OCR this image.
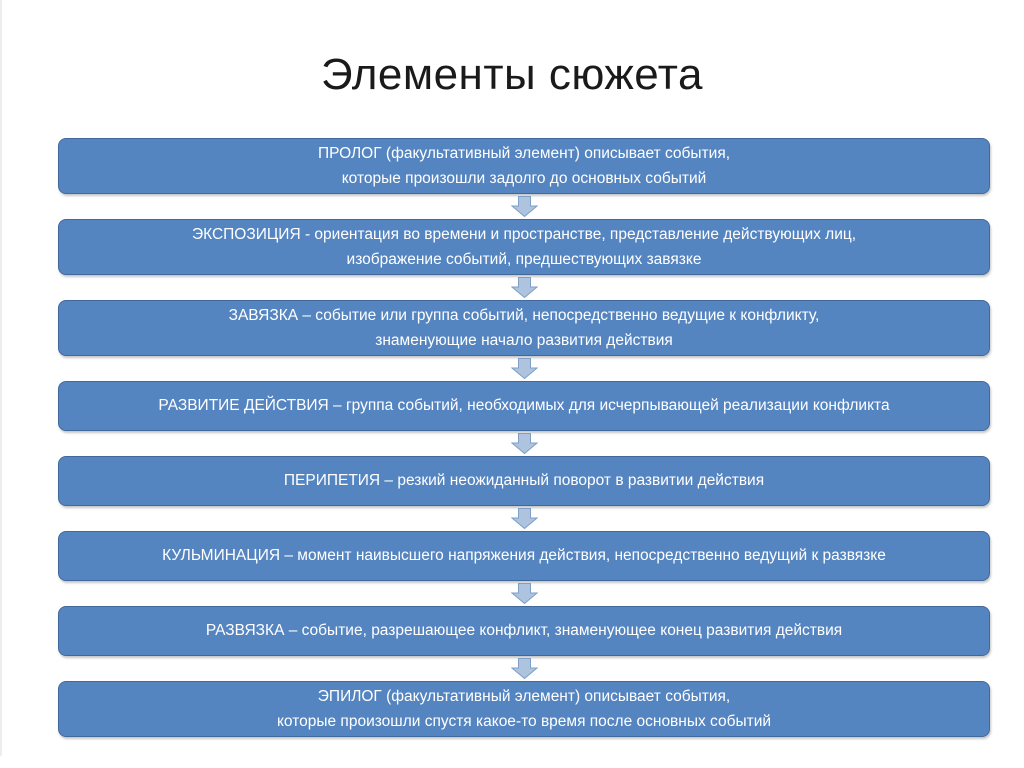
Элементы сюжета
ПРОЛОГ (факультативный элемент) описывает события,
которые произошли задолго до основных событий
ЭКСПОЗИЦИЯ - ориентация во времени и пространстве, представление действующих лиц,
изображение событий, предшествующих завязке
ЗАВЯЗКА – событие или группа событий, непосредственно ведущие к конфликту,
знаменующие начало развития действия
РАЗВИТИЕ ДЕЙСТВИЯ – группа событий, необходимых для исчерпывающей реализации конфликта
ПЕРИПЕТИЯ – резкий неожиданный поворот в развитии действия
КУЛЬМИНАЦИЯ – момент наивысшего напряжения действия, непосредственно ведущий к развязке
РАЗВЯЗКА – событие, разрешающее конфликт, знаменующее конец развития действия
ЭПИЛОГ (факультативный элемент) описывает события,
которые произошли спустя какое-то время после основных событий
